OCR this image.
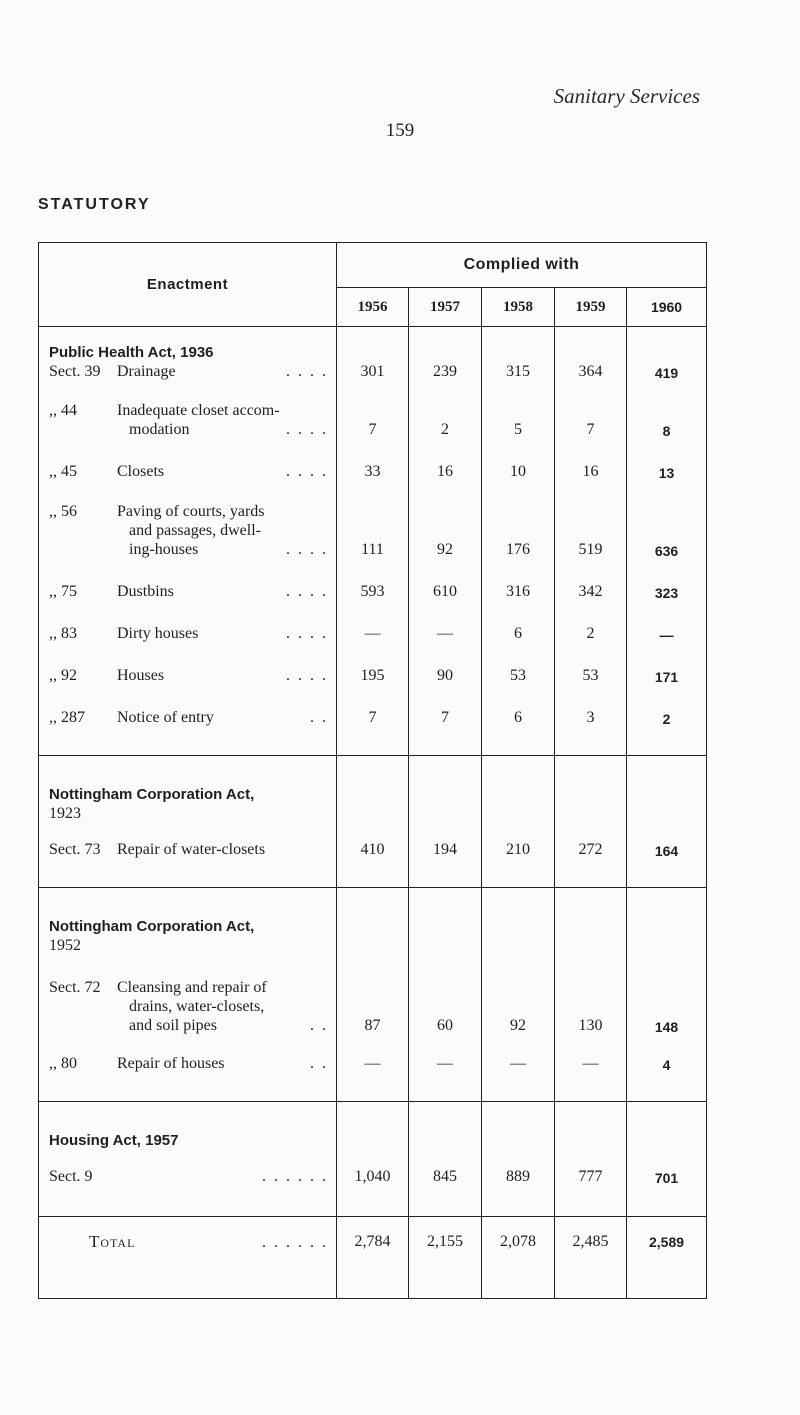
Sanitary Services
159
STATUTORY
Enactment	Complied with				
	1956	1957	1958	1959	1960

Public Health Act, 1936					

Sect. 39 Drainage . . . .	301	239	315	364	419

,, 44 Inadequate closet accom-
modation . . . .	7	2	5	7	8

,, 45 Closets . . . .	33	16	10	16	13

,, 56 Paving of courts, yards
and passages, dwell-
ing-houses . . . .	111	92	176	519	636

,, 75 Dustbins . . . .	593	610	316	342	323

,, 83 Dirty houses . . . .	—	—	6	2	—

,, 92 Houses . . . .	195	90	53	53	171

,, 287 Notice of entry . .	7	7	6	3	2

Nottingham Corporation Act,
1923					

Sect. 73 Repair of water-closets	410	194	210	272	164

Nottingham Corporation Act,
1952					

Sect. 72 Cleansing and repair of
drains, water-closets,
and soil pipes . .	87	60	92	130	148

,, 80 Repair of houses . .	—	—	—	—	4

Housing Act, 1957					

Sect. 9 . . . . . .	1,040	845	889	777	701

Total . . . . . .	2,784	2,155	2,078	2,485	2,589
